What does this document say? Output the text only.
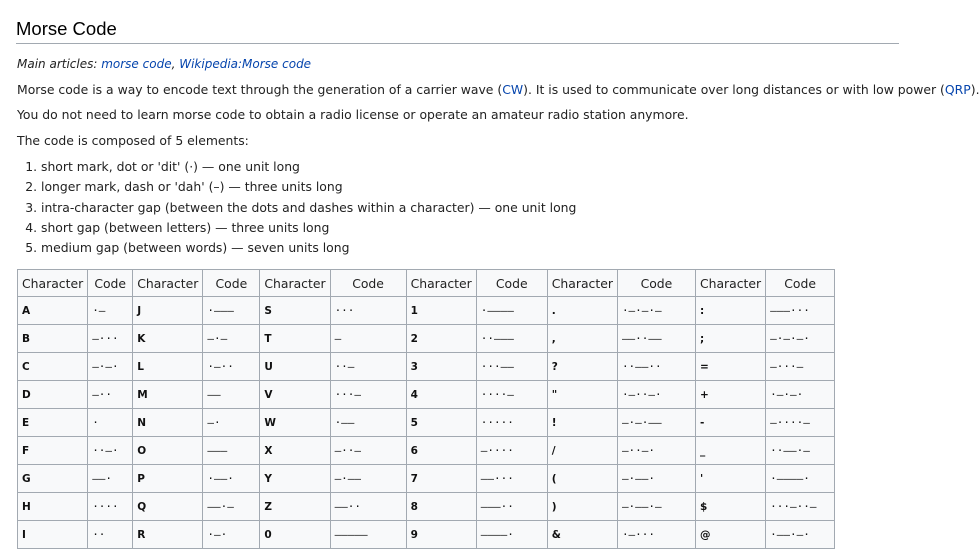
Morse Code
Main articles: morse code, Wikipedia:Morse code
Morse code is a way to encode text through the generation of a carrier wave (CW). It is used to communicate over long distances or with low power (QRP).
You do not need to learn morse code to obtain a radio license or operate an amateur radio station anymore.
The code is composed of 5 elements:
1. short mark, dot or 'dit' (·) — one unit long
2. longer mark, dash or 'dah' (–) — three units long
3. intra-character gap (between the dots and dashes within a character) — one unit long
4. short gap (between letters) — three units long
5. medium gap (between words) — seven units long
Character	Code	Character	Code	Character	Code	Character	Code	Character	Code	Character	Code
A	·—	J	·———	S	···	1	·————	.	·—·—·—	:	———···
B	—···	K	—·—	T	—	2	··———	,	——··——	;	—·—·—·
C	—·—·	L	·—··	U	··—	3	···——	?	··——··	=	—···—
D	—··	M	——	V	···—	4	····—	"	·—··—·	+	·—·—·
E	·	N	—·	W	·——	5	·····	!	—·—·——	-	—····—
F	··—·	O	———	X	—··—	6	—····	/	—··—·	_	··——·—
G	——·	P	·——·	Y	—·——	7	——···	(	—·——·	'	·————·
H	····	Q	——·—	Z	——··	8	———··	)	—·——·—	$	···—··—
I	··	R	·—·	0	—————	9	————·	&	·—···	@	·——·—·
